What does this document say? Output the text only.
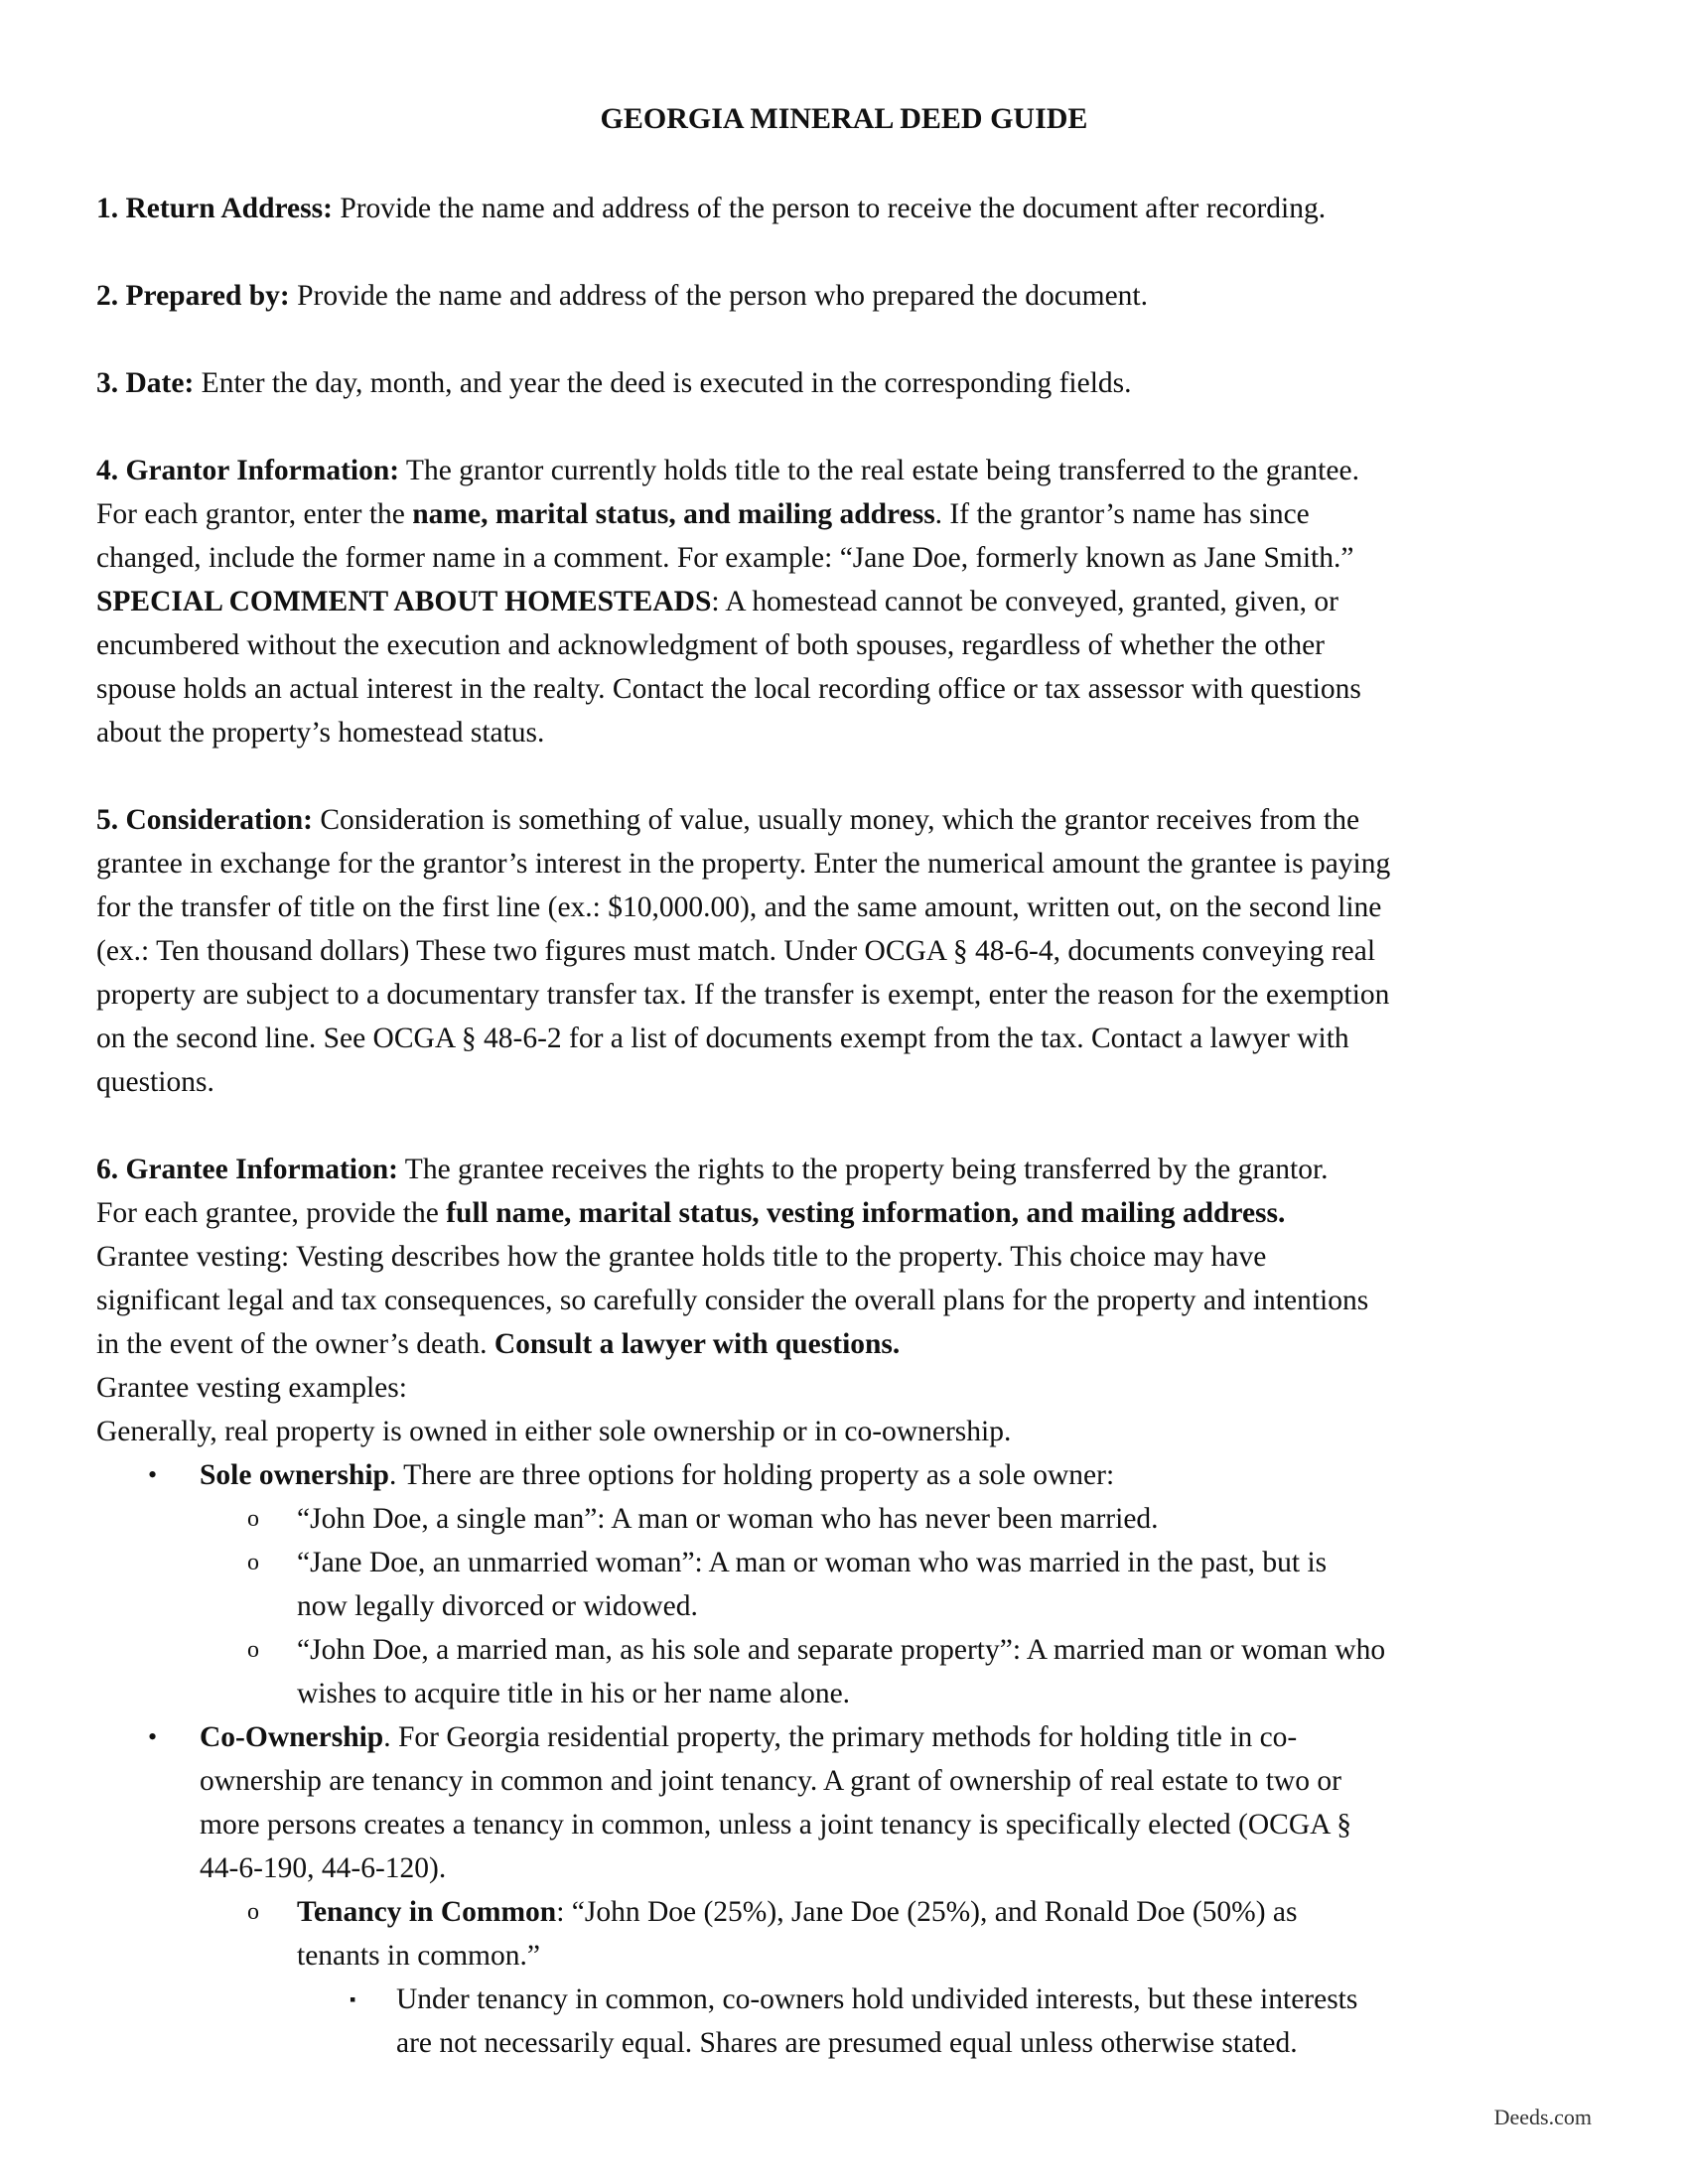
GEORGIA MINERAL DEED GUIDE

1. Return Address: Provide the name and address of the person to receive the document after recording.

2. Prepared by: Provide the name and address of the person who prepared the document.

3. Date: Enter the day, month, and year the deed is executed in the corresponding fields.

4. Grantor Information: The grantor currently holds title to the real estate being transferred to the grantee.
For each grantor, enter the name, marital status, and mailing address. If the grantor’s name has since
changed, include the former name in a comment. For example: “Jane Doe, formerly known as Jane Smith.”
SPECIAL COMMENT ABOUT HOMESTEADS: A homestead cannot be conveyed, granted, given, or
encumbered without the execution and acknowledgment of both spouses, regardless of whether the other
spouse holds an actual interest in the realty. Contact the local recording office or tax assessor with questions
about the property’s homestead status.

5. Consideration: Consideration is something of value, usually money, which the grantor receives from the
grantee in exchange for the grantor’s interest in the property. Enter the numerical amount the grantee is paying
for the transfer of title on the first line (ex.: $10,000.00), and the same amount, written out, on the second line
(ex.: Ten thousand dollars) These two figures must match. Under OCGA § 48-6-4, documents conveying real
property are subject to a documentary transfer tax. If the transfer is exempt, enter the reason for the exemption
on the second line. See OCGA § 48-6-2 for a list of documents exempt from the tax. Contact a lawyer with
questions.

6. Grantee Information: The grantee receives the rights to the property being transferred by the grantor.
For each grantee, provide the full name, marital status, vesting information, and mailing address.
Grantee vesting: Vesting describes how the grantee holds title to the property. This choice may have
significant legal and tax consequences, so carefully consider the overall plans for the property and intentions
in the event of the owner’s death. Consult a lawyer with questions.
Grantee vesting examples:
Generally, real property is owned in either sole ownership or in co-ownership.
• Sole ownership. There are three options for holding property as a sole owner:
o “John Doe, a single man”: A man or woman who has never been married.
o “Jane Doe, an unmarried woman”: A man or woman who was married in the past, but is
now legally divorced or widowed.
o “John Doe, a married man, as his sole and separate property”: A married man or woman who
wishes to acquire title in his or her name alone.
• Co-Ownership. For Georgia residential property, the primary methods for holding title in co-
ownership are tenancy in common and joint tenancy. A grant of ownership of real estate to two or
more persons creates a tenancy in common, unless a joint tenancy is specifically elected (OCGA §
44-6-190, 44-6-120).
o Tenancy in Common: “John Doe (25%), Jane Doe (25%), and Ronald Doe (50%) as
tenants in common.”
▪ Under tenancy in common, co-owners hold undivided interests, but these interests
are not necessarily equal. Shares are presumed equal unless otherwise stated.
Deeds.com
